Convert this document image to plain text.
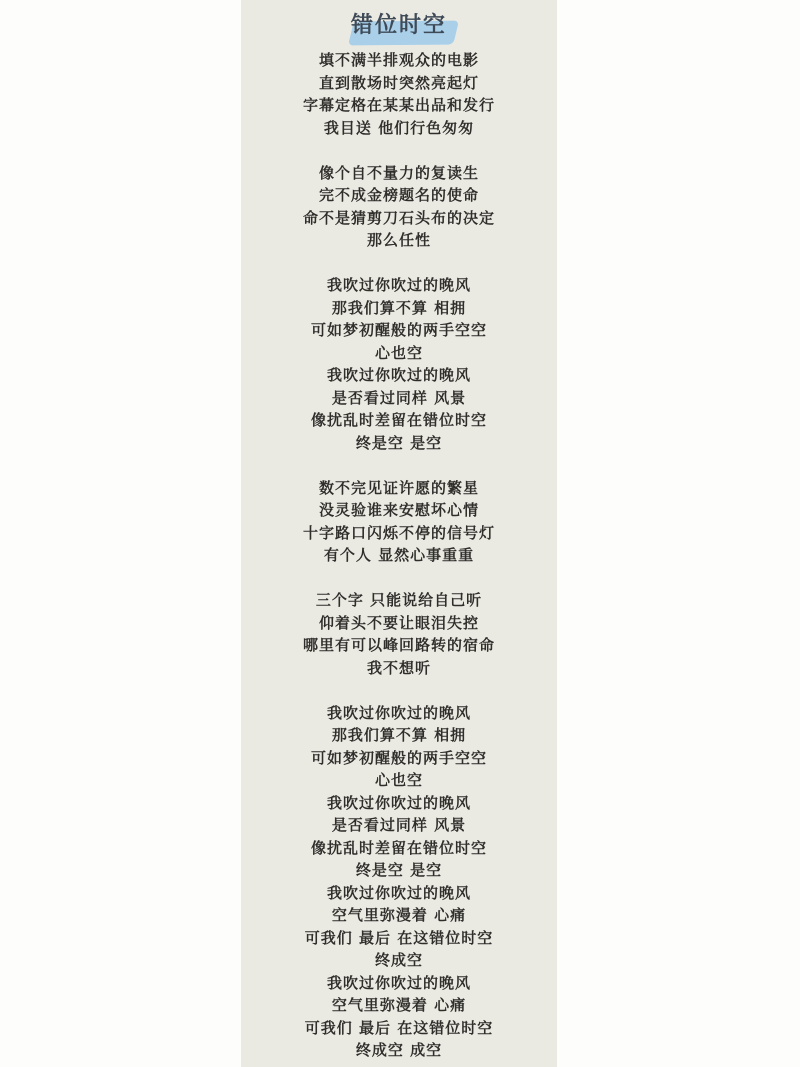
错位时空

填不满半排观众的电影

直到散场时突然亮起灯

字幕定格在某某出品和发行

我目送 他们行色匆匆

像个自不量力的复读生

完不成金榜题名的使命

命不是猜剪刀石头布的决定

那么任性

我吹过你吹过的晚风

那我们算不算 相拥

可如梦初醒般的两手空空

心也空

我吹过你吹过的晚风

是否看过同样 风景

像扰乱时差留在错位时空

终是空 是空

数不完见证许愿的繁星

没灵验谁来安慰坏心情

十字路口闪烁不停的信号灯

有个人 显然心事重重

三个字 只能说给自己听

仰着头不要让眼泪失控

哪里有可以峰回路转的宿命

我不想听

我吹过你吹过的晚风

那我们算不算 相拥

可如梦初醒般的两手空空

心也空

我吹过你吹过的晚风

是否看过同样 风景

像扰乱时差留在错位时空

终是空 是空

我吹过你吹过的晚风

空气里弥漫着 心痛

可我们 最后 在这错位时空

终成空

我吹过你吹过的晚风

空气里弥漫着 心痛

可我们 最后 在这错位时空

终成空 成空
